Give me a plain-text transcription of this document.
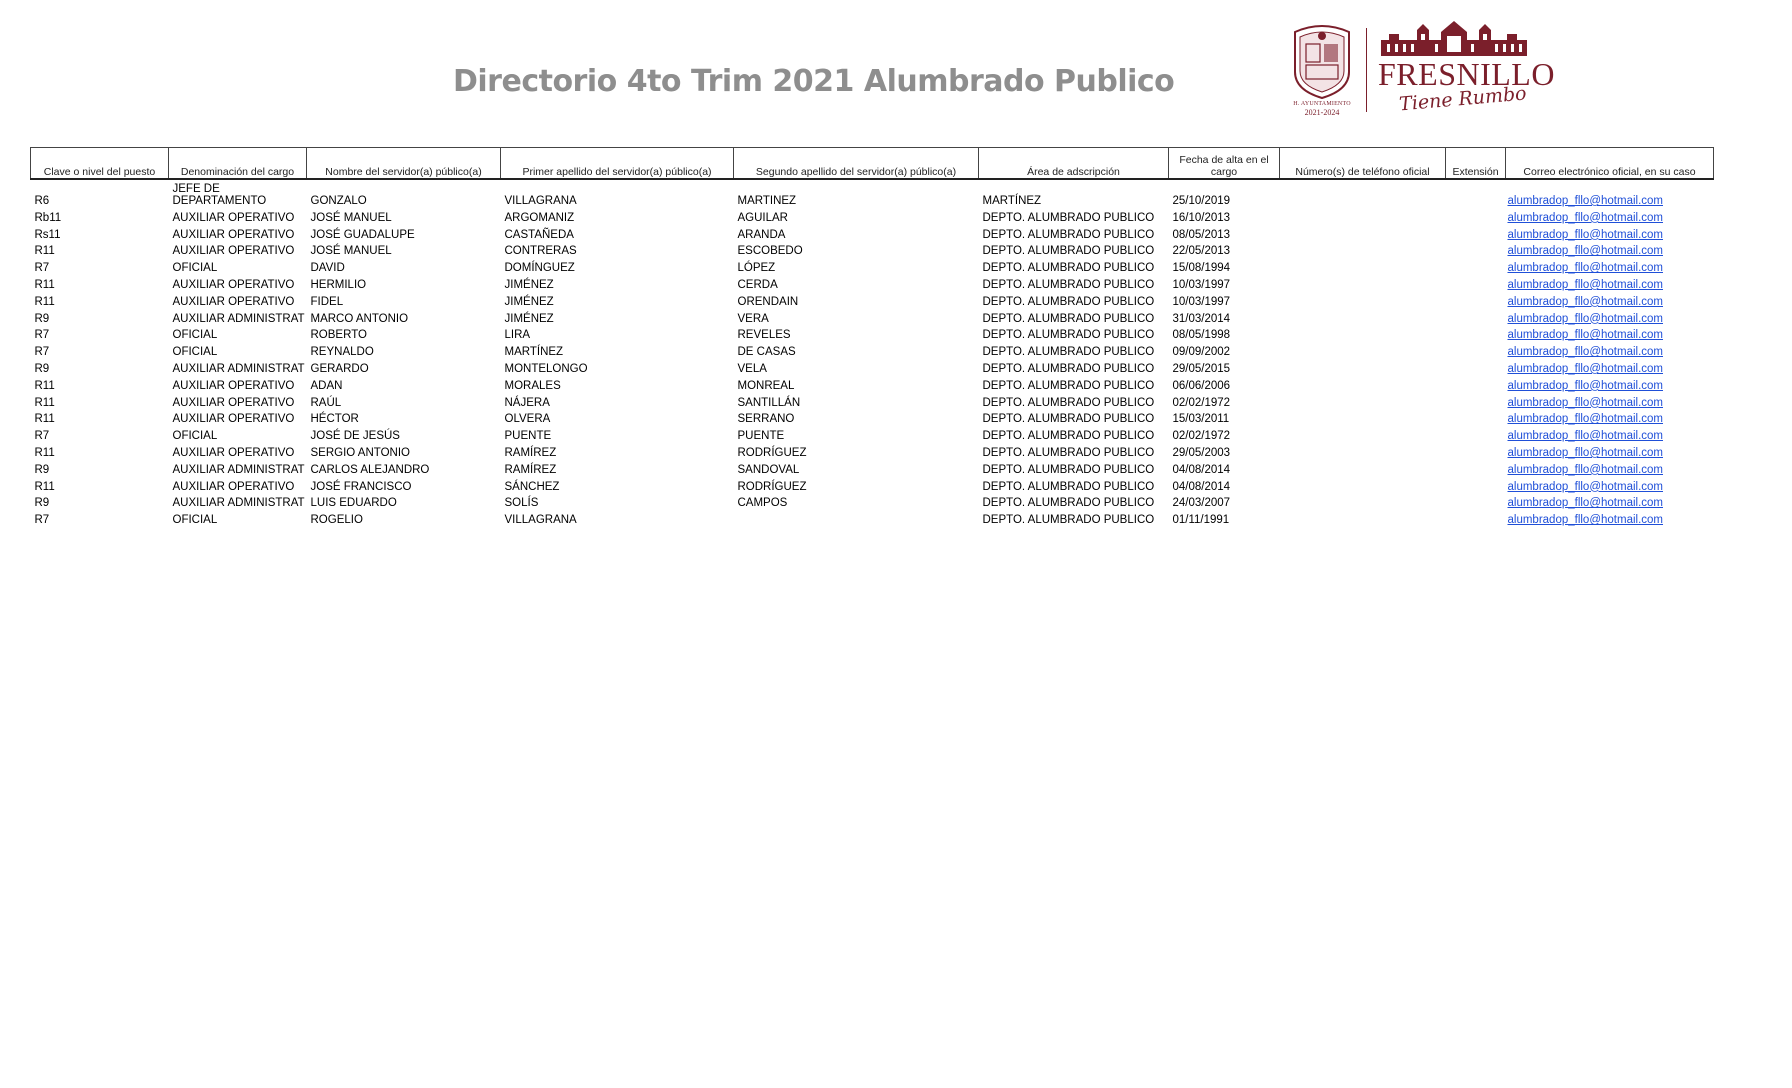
Directorio 4to Trim 2021 Alumbrado Publico
H. AYUNTAMIENTO
2021-2024
FRESNILLO
Tiene Rumbo
Clave o nivel del puesto	Denominación del cargo	Nombre del servidor(a) público(a)	Primer apellido del servidor(a) público(a)	Segundo apellido del servidor(a) público(a)	Área de adscripción	Fecha de alta en el cargo	Número(s) de teléfono oficial	Extensión	Correo electrónico oficial, en su caso
R6	JEFE DE DEPARTAMENTO	GONZALO	VILLAGRANA	MARTINEZ	MARTÍNEZ	25/10/2019			alumbradop_fllo@hotmail.com
Rb11	AUXILIAR OPERATIVO	JOSÉ MANUEL	ARGOMANIZ	AGUILAR	DEPTO. ALUMBRADO PUBLICO	16/10/2013			alumbradop_fllo@hotmail.com
Rs11	AUXILIAR OPERATIVO	JOSÉ GUADALUPE	CASTAÑEDA	ARANDA	DEPTO. ALUMBRADO PUBLICO	08/05/2013			alumbradop_fllo@hotmail.com
R11	AUXILIAR OPERATIVO	JOSÉ MANUEL	CONTRERAS	ESCOBEDO	DEPTO. ALUMBRADO PUBLICO	22/05/2013			alumbradop_fllo@hotmail.com
R7	OFICIAL	DAVID	DOMÍNGUEZ	LÓPEZ	DEPTO. ALUMBRADO PUBLICO	15/08/1994			alumbradop_fllo@hotmail.com
R11	AUXILIAR OPERATIVO	HERMILIO	JIMÉNEZ	CERDA	DEPTO. ALUMBRADO PUBLICO	10/03/1997			alumbradop_fllo@hotmail.com
R11	AUXILIAR OPERATIVO	FIDEL	JIMÉNEZ	ORENDAIN	DEPTO. ALUMBRADO PUBLICO	10/03/1997			alumbradop_fllo@hotmail.com
R9	AUXILIAR ADMINISTRAT	MARCO ANTONIO	JIMÉNEZ	VERA	DEPTO. ALUMBRADO PUBLICO	31/03/2014			alumbradop_fllo@hotmail.com
R7	OFICIAL	ROBERTO	LIRA	REVELES	DEPTO. ALUMBRADO PUBLICO	08/05/1998			alumbradop_fllo@hotmail.com
R7	OFICIAL	REYNALDO	MARTÍNEZ	DE CASAS	DEPTO. ALUMBRADO PUBLICO	09/09/2002			alumbradop_fllo@hotmail.com
R9	AUXILIAR ADMINISTRAT	GERARDO	MONTELONGO	VELA	DEPTO. ALUMBRADO PUBLICO	29/05/2015			alumbradop_fllo@hotmail.com
R11	AUXILIAR OPERATIVO	ADAN	MORALES	MONREAL	DEPTO. ALUMBRADO PUBLICO	06/06/2006			alumbradop_fllo@hotmail.com
R11	AUXILIAR OPERATIVO	RAÚL	NÁJERA	SANTILLÁN	DEPTO. ALUMBRADO PUBLICO	02/02/1972			alumbradop_fllo@hotmail.com
R11	AUXILIAR OPERATIVO	HÉCTOR	OLVERA	SERRANO	DEPTO. ALUMBRADO PUBLICO	15/03/2011			alumbradop_fllo@hotmail.com
R7	OFICIAL	JOSÉ DE JESÚS	PUENTE	PUENTE	DEPTO. ALUMBRADO PUBLICO	02/02/1972			alumbradop_fllo@hotmail.com
R11	AUXILIAR OPERATIVO	SERGIO ANTONIO	RAMÍREZ	RODRÍGUEZ	DEPTO. ALUMBRADO PUBLICO	29/05/2003			alumbradop_fllo@hotmail.com
R9	AUXILIAR ADMINISTRAT	CARLOS ALEJANDRO	RAMÍREZ	SANDOVAL	DEPTO. ALUMBRADO PUBLICO	04/08/2014			alumbradop_fllo@hotmail.com
R11	AUXILIAR OPERATIVO	JOSÉ FRANCISCO	SÁNCHEZ	RODRÍGUEZ	DEPTO. ALUMBRADO PUBLICO	04/08/2014			alumbradop_fllo@hotmail.com
R9	AUXILIAR ADMINISTRAT	LUIS EDUARDO	SOLÍS	CAMPOS	DEPTO. ALUMBRADO PUBLICO	24/03/2007			alumbradop_fllo@hotmail.com
R7	OFICIAL	ROGELIO	VILLAGRANA		DEPTO. ALUMBRADO PUBLICO	01/11/1991			alumbradop_fllo@hotmail.com
